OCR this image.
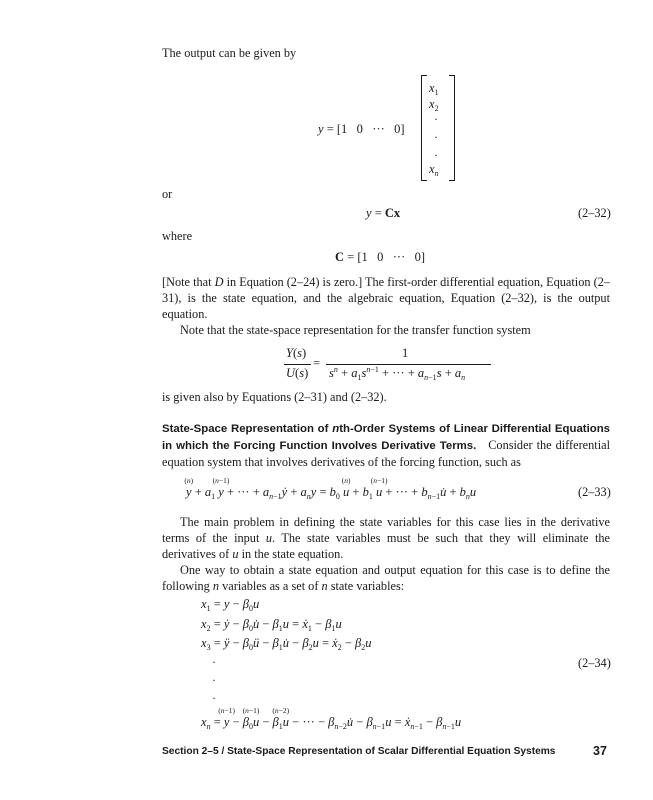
The output can be given by
y = [1   0   ···   0]
$x_1$
$x_2$
·
·
·
$x_n$
or
y = Cx	(2–32)
where
C = [1   0   ···   0]
[Note that D in Equation (2–24) is zero.] The first-order differential equation, Equation (2–31), is the state equation, and the algebraic equation, Equation (2–32), is the output equation.
Note that the state-space representation for the transfer function system
Y(s)
U(s)
=
1
$s^n + a_1s^{n-1}$ + ··· + $a_{n-1}s + a_n$
is given also by Equations (2–31) and (2–32).
State-Space Representation of nth-Order Systems of Linear Differential Equations in which the Forcing Function Involves Derivative Terms.   Consider the differential equation system that involves derivatives of the forcing function, such as
y
(n)
+ $a_1$ y
(n−1)
+ ··· + $a_{n-1}ẏ + a_ny = b_0$ u
(n)
+ $b_1$ u
(n−1)
+ ··· + $b_{n-1}u̇ + b_nu$	(2–33)
The main problem in defining the state variables for this case lies in the derivative terms of the input u. The state variables must be such that they will eliminate the derivatives of u in the state equation.
One way to obtain a state equation and output equation for this case is to define the following n variables as a set of n state variables:
$x_1 = y - \beta_0u$
$x_2$ = ẏ − $\beta_0u̇ - \beta_1u$ = ẋ$_1$ − $\beta_1u$
$x_3$ = ÿ − $\beta_0ü$ − $\beta_1u̇ - \beta_2u$ = ẋ$_2$ − $\beta_2u$
·
·
·
$x_n = y$
(n−1)
− $\beta_0u$
(n−1)
− $\beta_1u$
(n−2)
− ··· − $\beta_{n-2}u̇ - \beta_{n-1}u$ = ẋ$_{n-1}$ − $\beta_{n-1}u$
(2–34)
Section 2–5 / State-Space Representation of Scalar Differential Equation Systems	37
